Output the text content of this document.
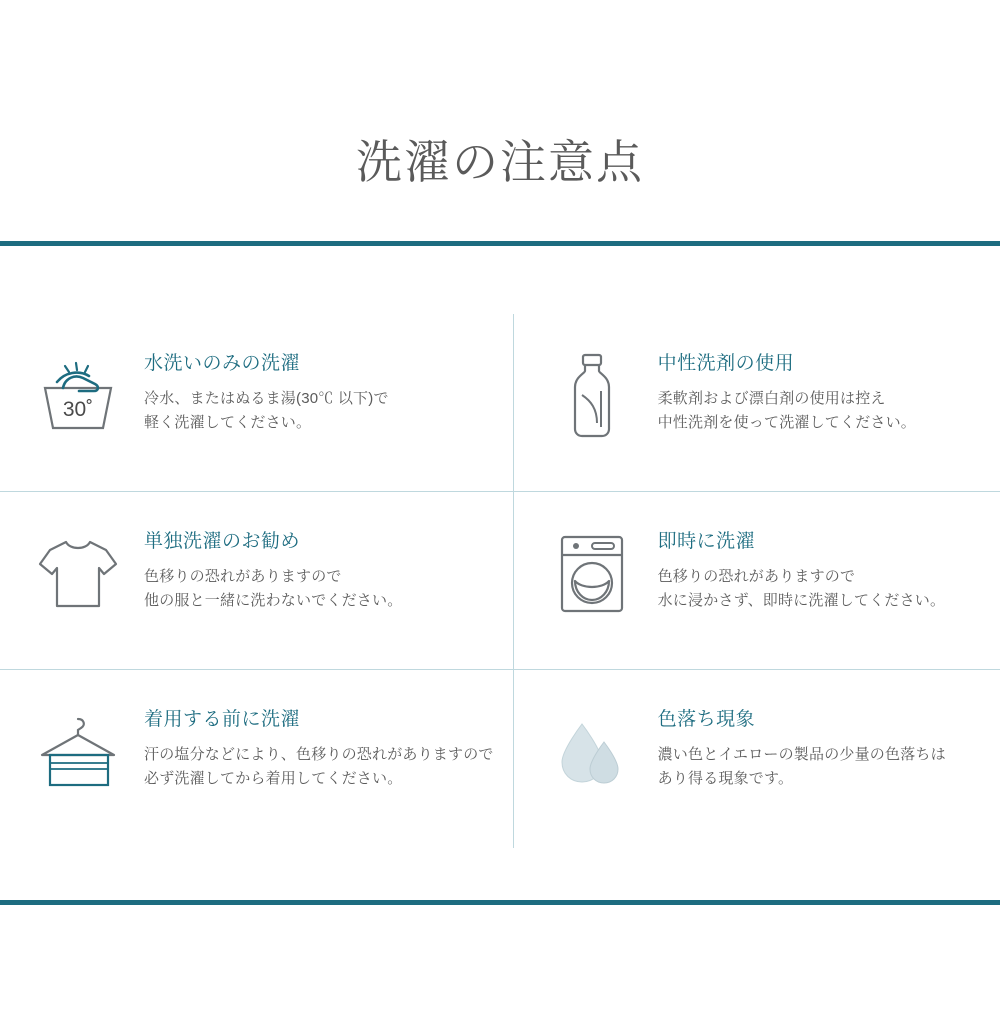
洗濯の注意点
30˚

水洗いのみの洗濯

冷水、またはぬるま湯(30℃ 以下)で
軽く洗濯してください。

中性洗剤の使用

柔軟剤および漂白剤の使用は控え
中性洗剤を使って洗濯してください。

単独洗濯のお勧め

色移りの恐れがありますので
他の服と一緒に洗わないでください。

即時に洗濯

色移りの恐れがありますので
水に浸かさず、即時に洗濯してください。

着用する前に洗濯

汗の塩分などにより、色移りの恐れがありますので
必ず洗濯してから着用してください。

色落ち現象

濃い色とイエローの製品の少量の色落ちは
あり得る現象です。
